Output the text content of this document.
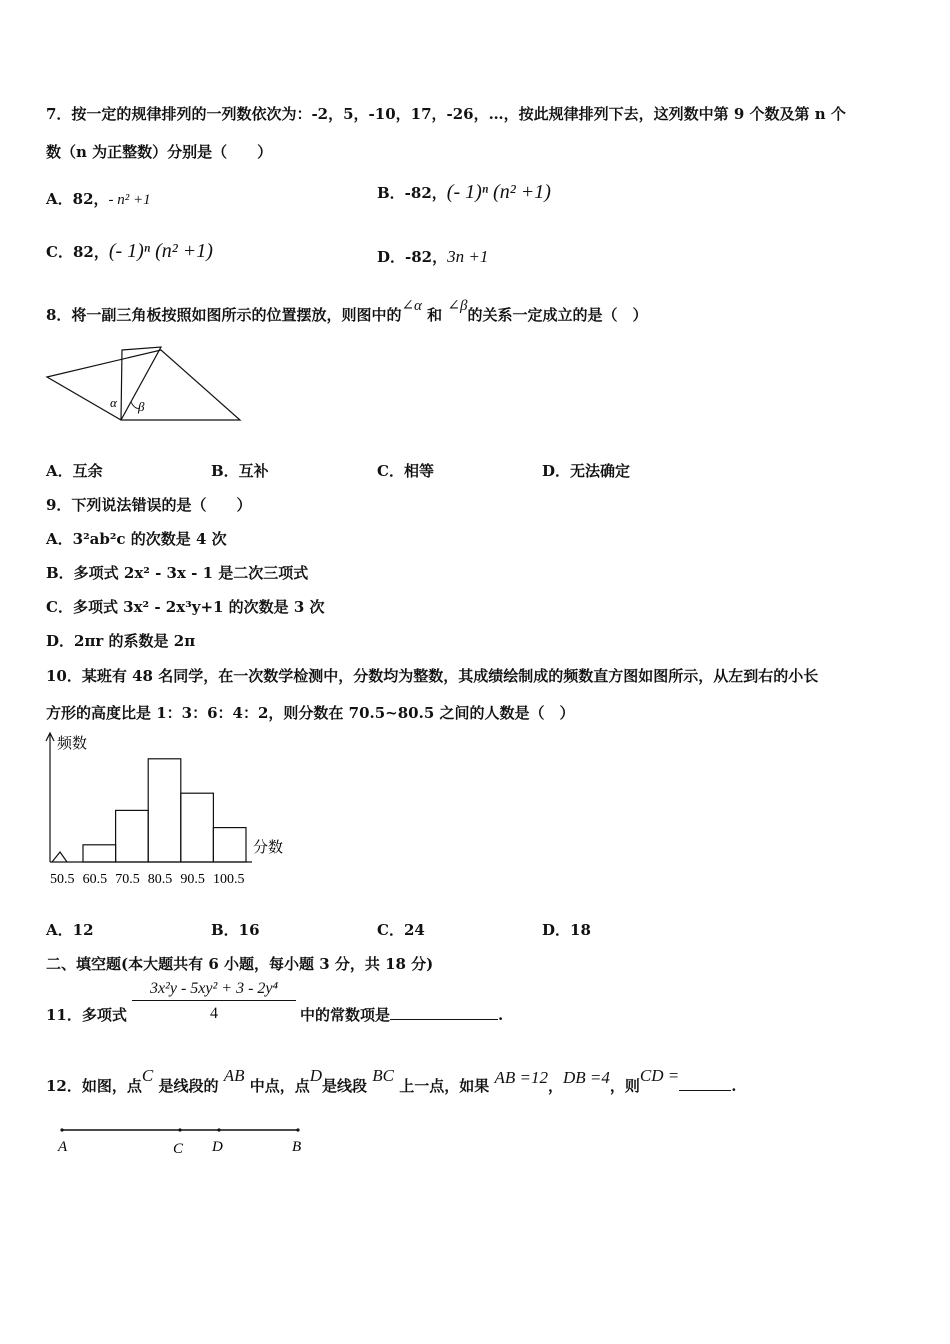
7．按一定的规律排列的一列数依次为：-2，5，-10，17，-26，…，按此规律排列下去，这列数中第 9 个数及第 n 个
数（n 为正整数）分别是（　　）
A．82，- n² +1	B．-82，(- 1)ⁿ (n² +1)
C．82，(- 1)ⁿ (n² +1)	D．-82，3n +1
8．将一副三角板按照如图所示的位置摆放，则图中的∠α 和 ∠β的关系一定成立的是（　）
α β
A．互余	B．互补	C．相等	D．无法确定
9．下列说法错误的是（　　）
A．3²ab²c 的次数是 4 次
B．多项式 2x² - 3x - 1 是二次三项式
C．多项式 3x² - 2x³y+1 的次数是 3 次
D．2πr 的系数是 2π
10．某班有 48 名同学，在一次数学检测中，分数均为整数，其成绩绘制成的频数直方图如图所示，从左到右的小长
方形的高度比是 1：3：6：4：2，则分数在 70.5~80.5 之间的人数是（　）
频数
分数
50.5 60.5 70.5 80.5 90.5 100.5
A．12	B．16	C．24	D．18
二、填空题(本大题共有 6 小题，每小题 3 分，共 18 分)
11．多项式
3x²y - 5xy² + 3 - 2y⁴
4	中的常数项是	.
12．如图，点C 是线段的 AB 中点，点D是线段 BC 上一点，如果 AB =12，DB =4，则CD =.
A	C D	B
